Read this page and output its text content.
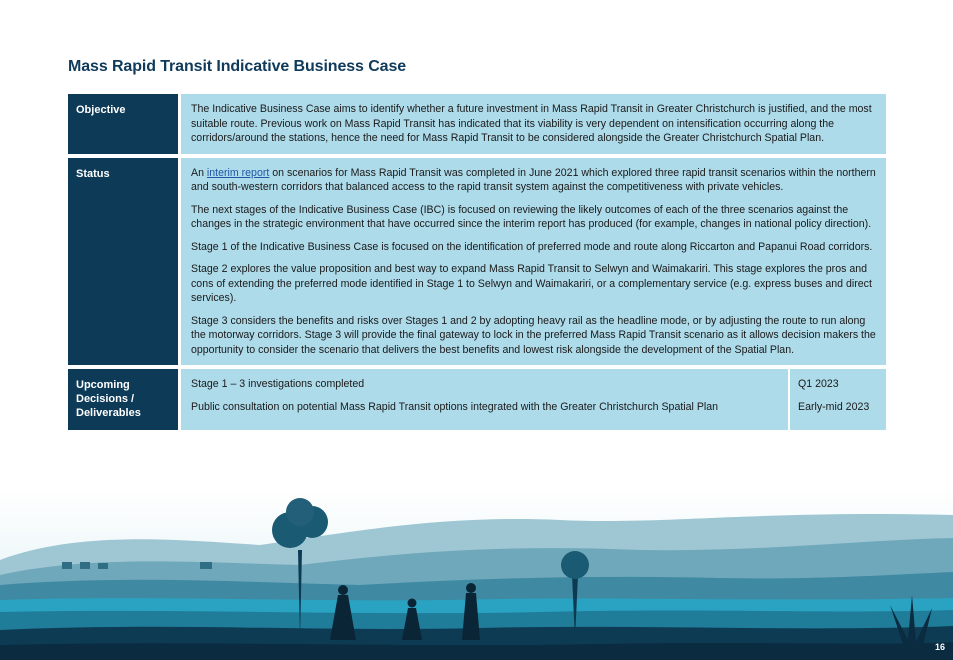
Mass Rapid Transit Indicative Business Case
Objective	The Indicative Business Case aims to identify whether a future investment in Mass Rapid Transit in Greater Christchurch is justified, and the most suitable route. Previous work on Mass Rapid Transit has indicated that its viability is very dependent on intensification occurring along the corridors/around the stations, hence the need for Mass Rapid Transit to be considered alongside the Greater Christchurch Spatial Plan.

Status	An interim report on scenarios for Mass Rapid Transit was completed in June 2021 which explored three rapid transit scenarios within the northern and south-western corridors that balanced access to the rapid transit system against the competitiveness with private vehicles.

The next stages of the Indicative Business Case (IBC) is focused on reviewing the likely outcomes of each of the three scenarios against the changes in the strategic environment that have occurred since the interim report has produced (for example, changes in national policy direction).

Stage 1 of the Indicative Business Case is focused on the identification of preferred mode and route along Riccarton and Papanui Road corridors.

Stage 2 explores the value proposition and best way to expand Mass Rapid Transit to Selwyn and Waimakariri. This stage explores the pros and cons of extending the preferred mode identified in Stage 1 to Selwyn and Waimakariri, or a complementary service (e.g. express buses and direct services).

Stage 3 considers the benefits and risks over Stages 1 and 2 by adopting heavy rail as the headline mode, or by adjusting the route to run along the motorway corridors. Stage 3 will provide the final gateway to lock in the preferred Mass Rapid Transit scenario as it allows decision makers the opportunity to consider the scenario that delivers the best benefits and lowest risk alongside the development of the Spatial Plan.

Upcoming Decisions / Deliverables
Stage 1 – 3 investigations completed
Public consultation on potential Mass Rapid Transit options integrated with the Greater Christchurch Spatial Plan
Q1 2023
Early-mid 2023
16
